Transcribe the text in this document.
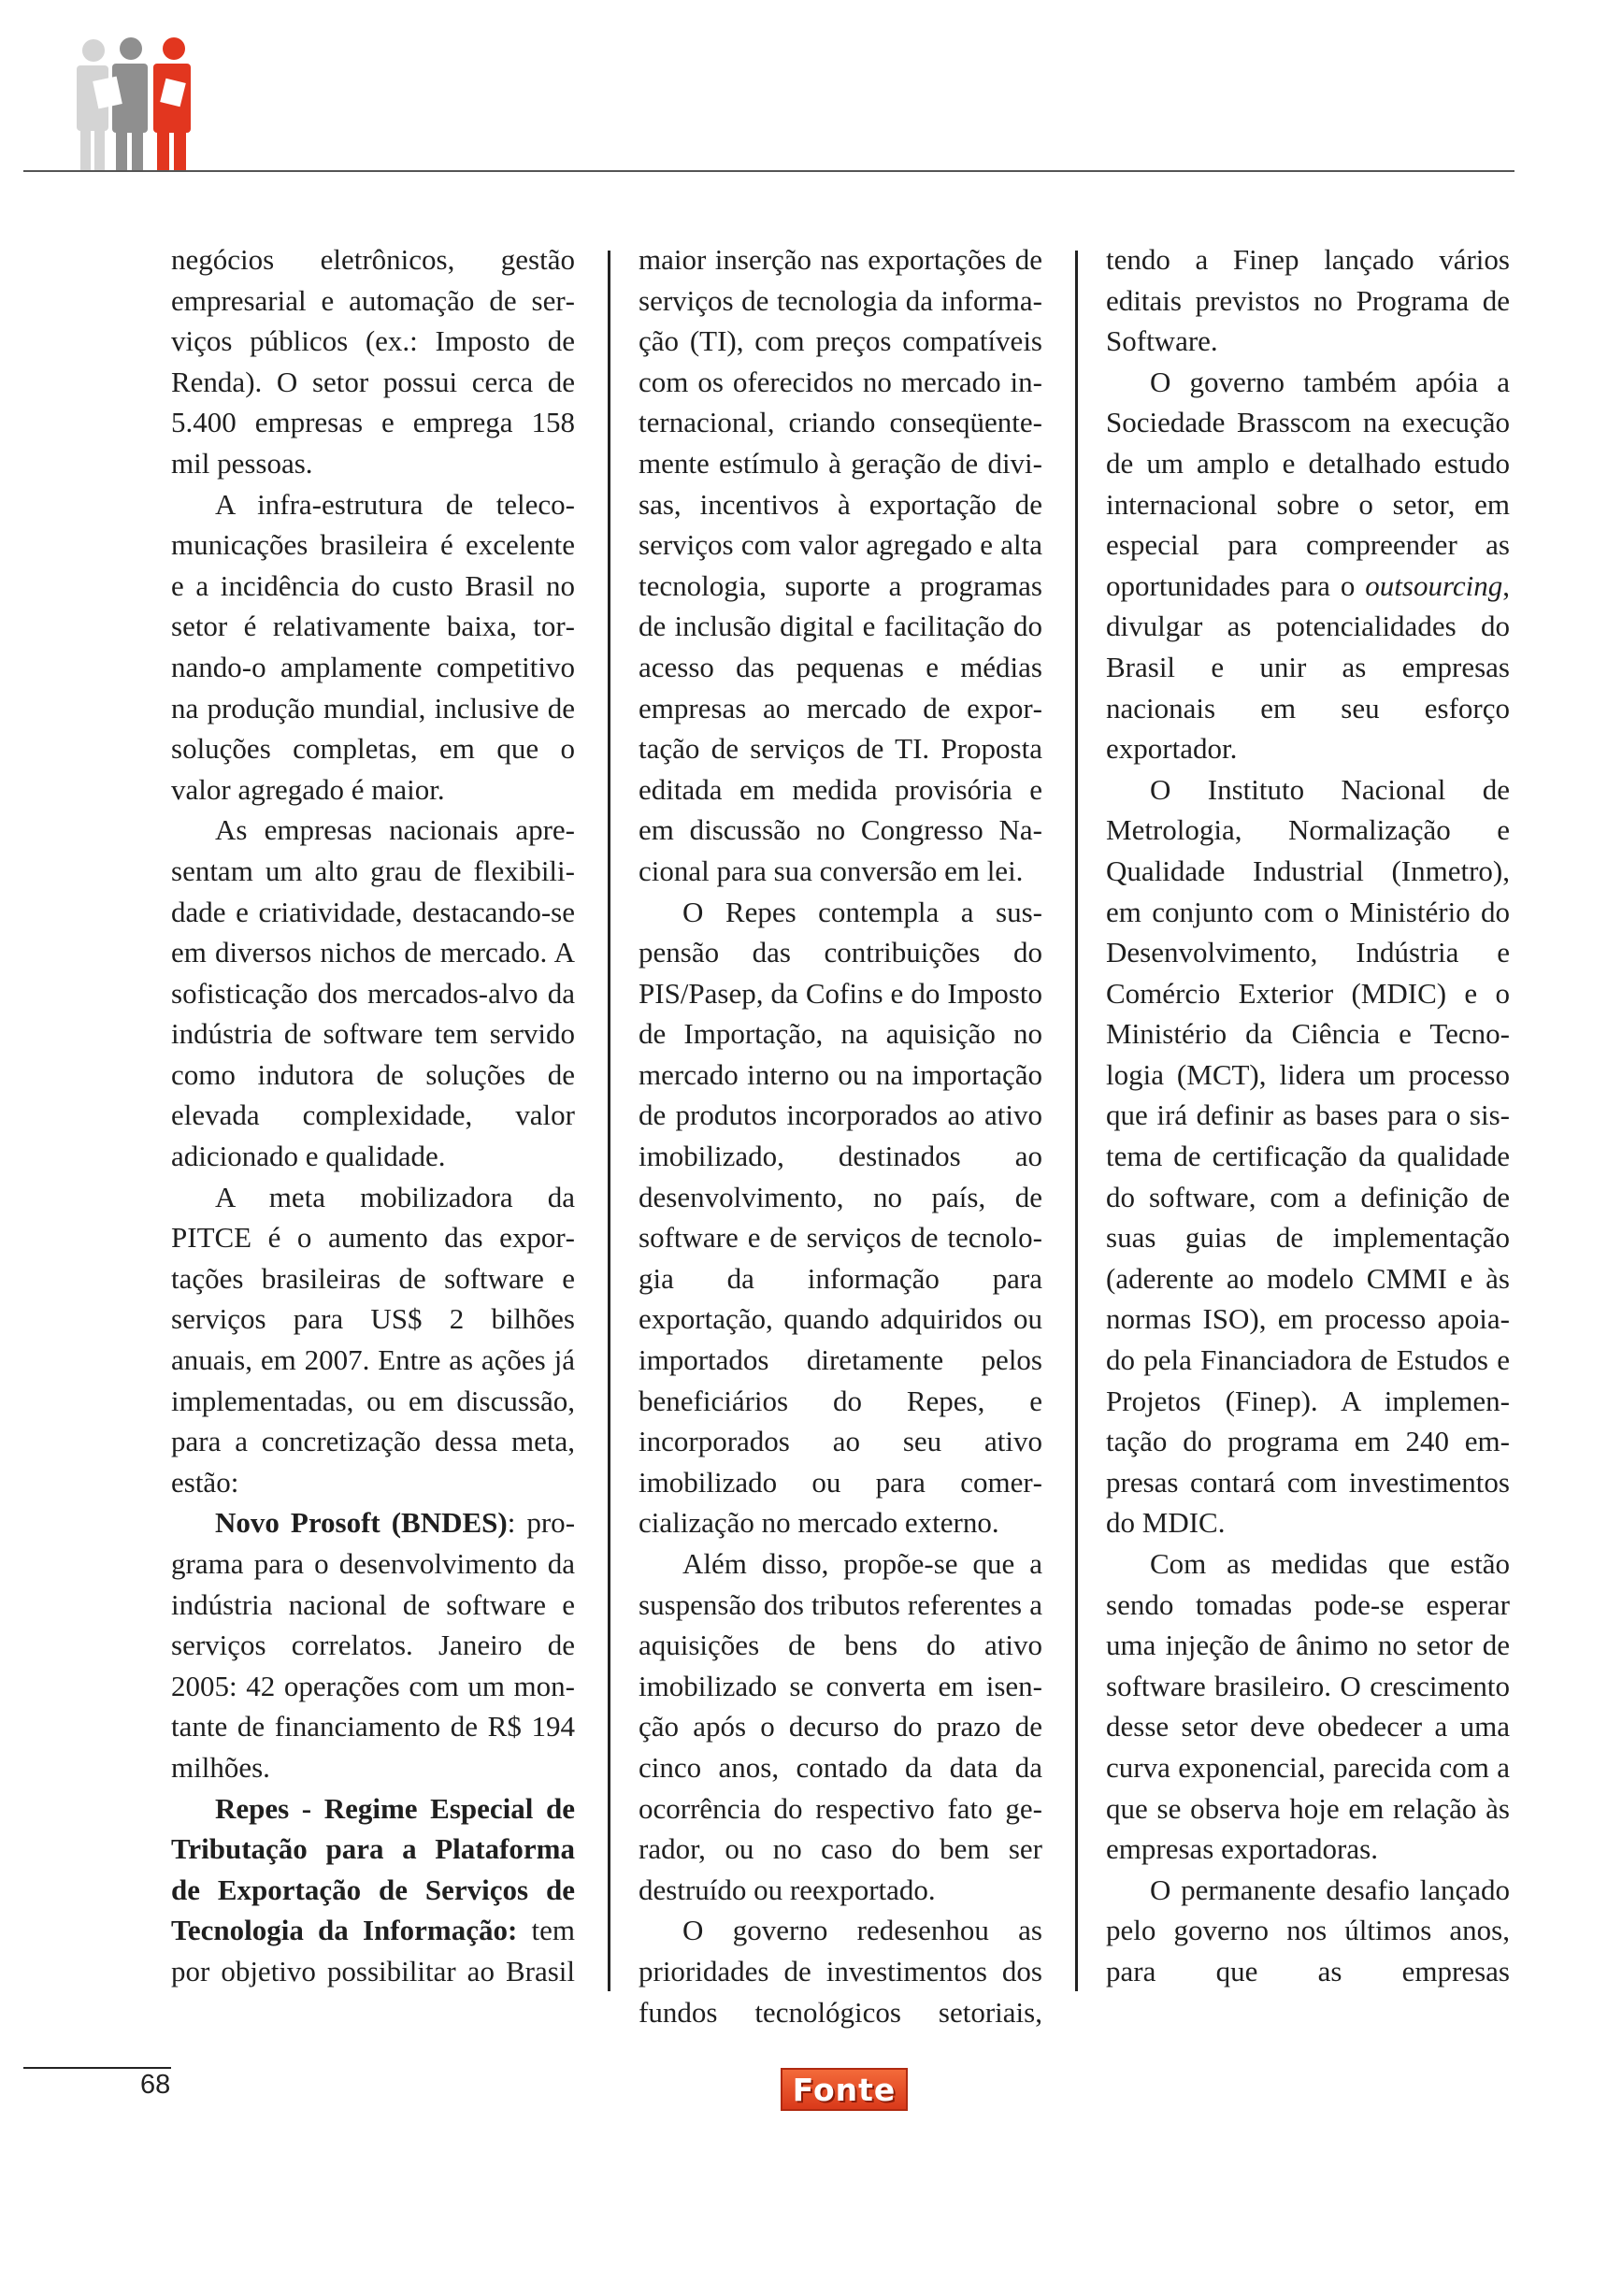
negócios eletrônicos, gestão empresarial e automação de serviços públicos (ex.: Imposto de Renda). O setor possui cerca de 5.400 empresas e emprega 158 mil pessoas.

A infra-estrutura de telecomunicações brasileira é excelente e a incidência do custo Brasil no setor é relativamente baixa, tornando-o amplamente competitivo na produção mundial, inclusive de soluções completas, em que o valor agregado é maior.

As empresas nacionais apresentam um alto grau de flexibilidade e criatividade, destacando-se em diversos nichos de mercado. A sofisticação dos mercados-alvo da indústria de software tem servido como indutora de soluções de elevada complexidade, valor adicionado e qualidade.

A meta mobilizadora da PITCE é o aumento das exportações brasileiras de software e serviços para US$ 2 bilhões anuais, em 2007. Entre as ações já implementadas, ou em discussão, para a concretização dessa meta, estão:

Novo Prosoft (BNDES): programa para o desenvolvimento da indústria nacional de software e serviços correlatos. Janeiro de 2005: 42 operações com um montante de financiamento de R$ 194 milhões.

Repes - Regime Especial de Tributação para a Plataforma de Exportação de Serviços de Tecnologia da Informação: tem por objetivo possibilitar ao Brasil

maior inserção nas exportações de serviços de tecnologia da informação (TI), com preços compatíveis com os oferecidos no mercado internacional, criando conseqüentemente estímulo à geração de divisas, incentivos à exportação de serviços com valor agregado e alta tecnologia, suporte a programas de inclusão digital e facilitação do acesso das pequenas e médias empresas ao mercado de exportação de serviços de TI. Proposta editada em medida provisória e em discussão no Congresso Nacional para sua conversão em lei.

O Repes contempla a suspensão das contribuições do PIS/Pasep, da Cofins e do Imposto de Importação, na aquisição no mercado interno ou na importação de produtos incorporados ao ativo imobilizado, destinados ao desenvolvimento, no país, de software e de serviços de tecnologia da informação para exportação, quando adquiridos ou importados diretamente pelos beneficiários do Repes, e incorporados ao seu ativo imobilizado ou para comercialização no mercado externo.

Além disso, propõe-se que a suspensão dos tributos referentes a aquisições de bens do ativo imobilizado se converta em isenção após o decurso do prazo de cinco anos, contado da data da ocorrência do respectivo fato gerador, ou no caso do bem ser destruído ou reexportado.

O governo redesenhou as prioridades de investimentos dos fundos tecnológicos setoriais,

tendo a Finep lançado vários editais previstos no Programa de Software.

O governo também apóia a Sociedade Brasscom na execução de um amplo e detalhado estudo internacional sobre o setor, em especial para compreender as oportunidades para o outsourcing, divulgar as potencialidades do Brasil e unir as empresas nacionais em seu esforço exportador.

O Instituto Nacional de Metrologia, Normalização e Qualidade Industrial (Inmetro), em conjunto com o Ministério do Desenvolvimento, Indústria e Comércio Exterior (MDIC) e o Ministério da Ciência e Tecnologia (MCT), lidera um processo que irá definir as bases para o sistema de certificação da qualidade do software, com a definição de suas guias de implementação (aderente ao modelo CMMI e às normas ISO), em processo apoiado pela Financiadora de Estudos e Projetos (Finep). A implementação do programa em 240 empresas contará com investimentos do MDIC.

Com as medidas que estão sendo tomadas pode-se esperar uma injeção de ânimo no setor de software brasileiro. O crescimento desse setor deve obedecer a uma curva exponencial, parecida com a que se observa hoje em relação às empresas exportadoras.

O permanente desafio lançado pelo governo nos últimos anos, para que as empresas

68	Fonte
